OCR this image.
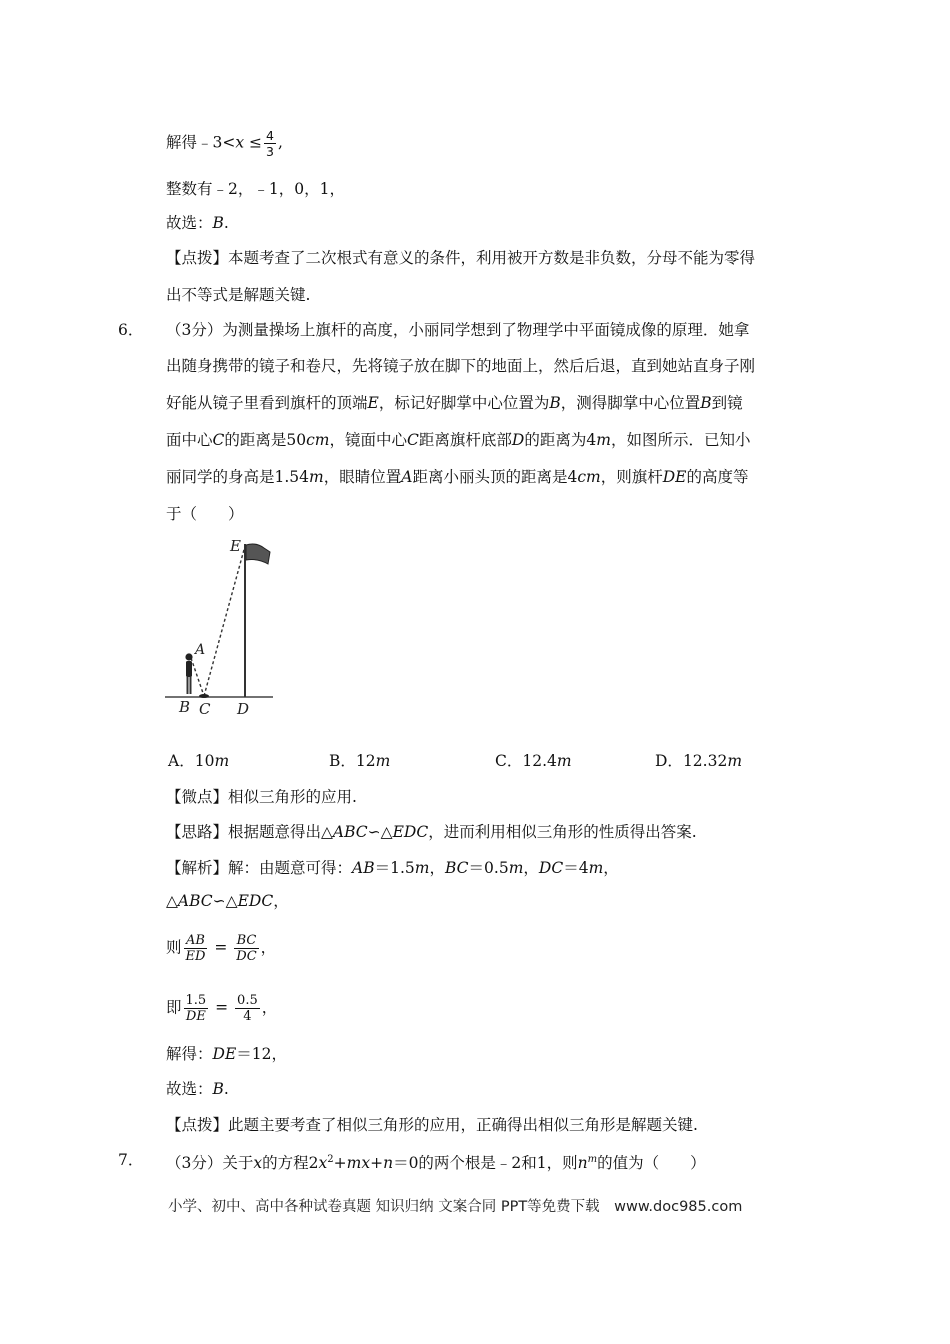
解得﹣3<x ≤ $\frac{4}{3}$ ,
整数有﹣2，﹣1，0，1，
故选：B.
【点拨】本题考查了二次根式有意义的条件，利用被开方数是非负数，分母不能为零得
出不等式是解题关键.
6． （3分）为测量操场上旗杆的高度，小丽同学想到了物理学中平面镜成像的原理．她拿
出随身携带的镜子和卷尺，先将镜子放在脚下的地面上，然后后退，直到她站直身子刚
好能从镜子里看到旗杆的顶端E，标记好脚掌中心位置为B，测得脚掌中心位置B到镜
面中心C的距离是50cm，镜面中心C距离旗杆底部D的距离为4m，如图所示．已知小
丽同学的身高是1.54m，眼睛位置A距离小丽头顶的距离是4cm，则旗杆DE的高度等
于（　　）
A
B C D
E
A．10m	B．12m	C．12.4m	D．12.32m
【微点】相似三角形的应用.
【思路】根据题意得出△ABC∽△EDC，进而利用相似三角形的性质得出答案.
【解析】解：由题意可得：AB＝1.5m，BC＝0.5m，DC＝4m，
△ABC∽△EDC，
则 $\frac{AB}{ED} = \frac{BC}{DC}$ ，
即 $\frac{1.5}{DE} = \frac{0.5}{4}$ ，
解得：DE＝12，
故选：B.
【点拨】此题主要考查了相似三角形的应用，正确得出相似三角形是解题关键.
7． （3分）关于x的方程$2x^2+mx+n=0$的两个根是﹣2和1，则$n^m$的值为（　　）
小学、初中、高中各种试卷真题 知识归纳 文案合同 PPT等免费下载　www.doc985.com
